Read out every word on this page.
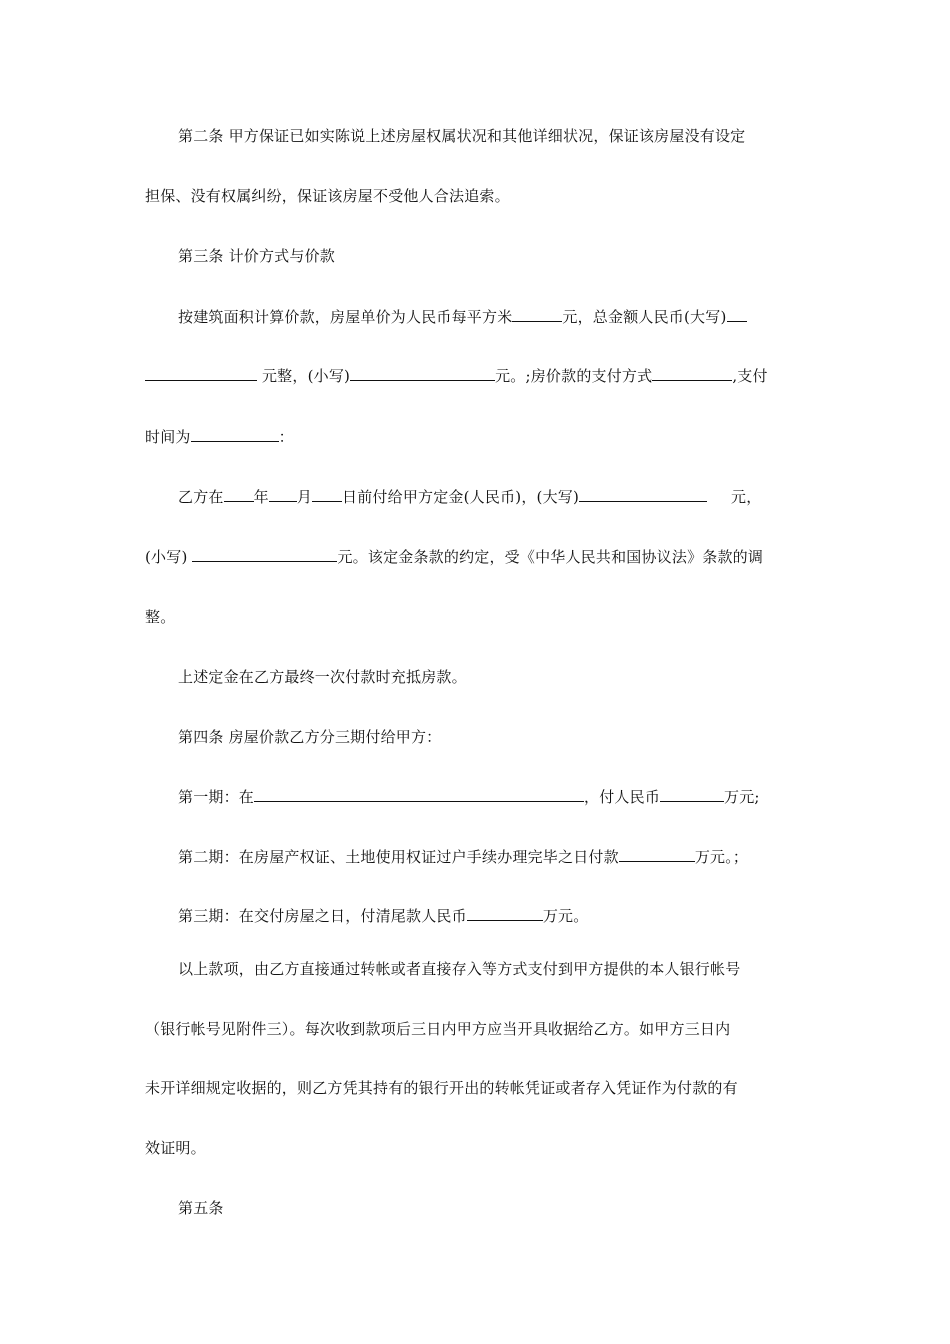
第二条 甲方保证已如实陈说上述房屋权属状况和其他详细状况，保证该房屋没有设定
担保、没有权属纠纷，保证该房屋不受他人合法追索。
第三条 计价方式与价款
按建筑面积计算价款，房屋单价为人民币每平方米	元，总金额人民币(大写)
元整，(小写)	元。;房价款的支付方式	,支付
时间为	：
乙方在 年 月 日前付给甲方定金(人民币)，(大写)	元，
(小写)	元。该定金条款的约定，受《中华人民共和国协议法》条款的调
整。
上述定金在乙方最终一次付款时充抵房款。
第四条 房屋价款乙方分三期付给甲方：
第一期：在	，付人民币	万元;
第二期：在房屋产权证、土地使用权证过户手续办理完毕之日付款	万元。；
第三期：在交付房屋之日，付清尾款人民币	万元。
以上款项，由乙方直接通过转帐或者直接存入等方式支付到甲方提供的本人银行帐号
（银行帐号见附件三）。每次收到款项后三日内甲方应当开具收据给乙方。如甲方三日内
未开详细规定收据的，则乙方凭其持有的银行开出的转帐凭证或者存入凭证作为付款的有
效证明。
第五条
